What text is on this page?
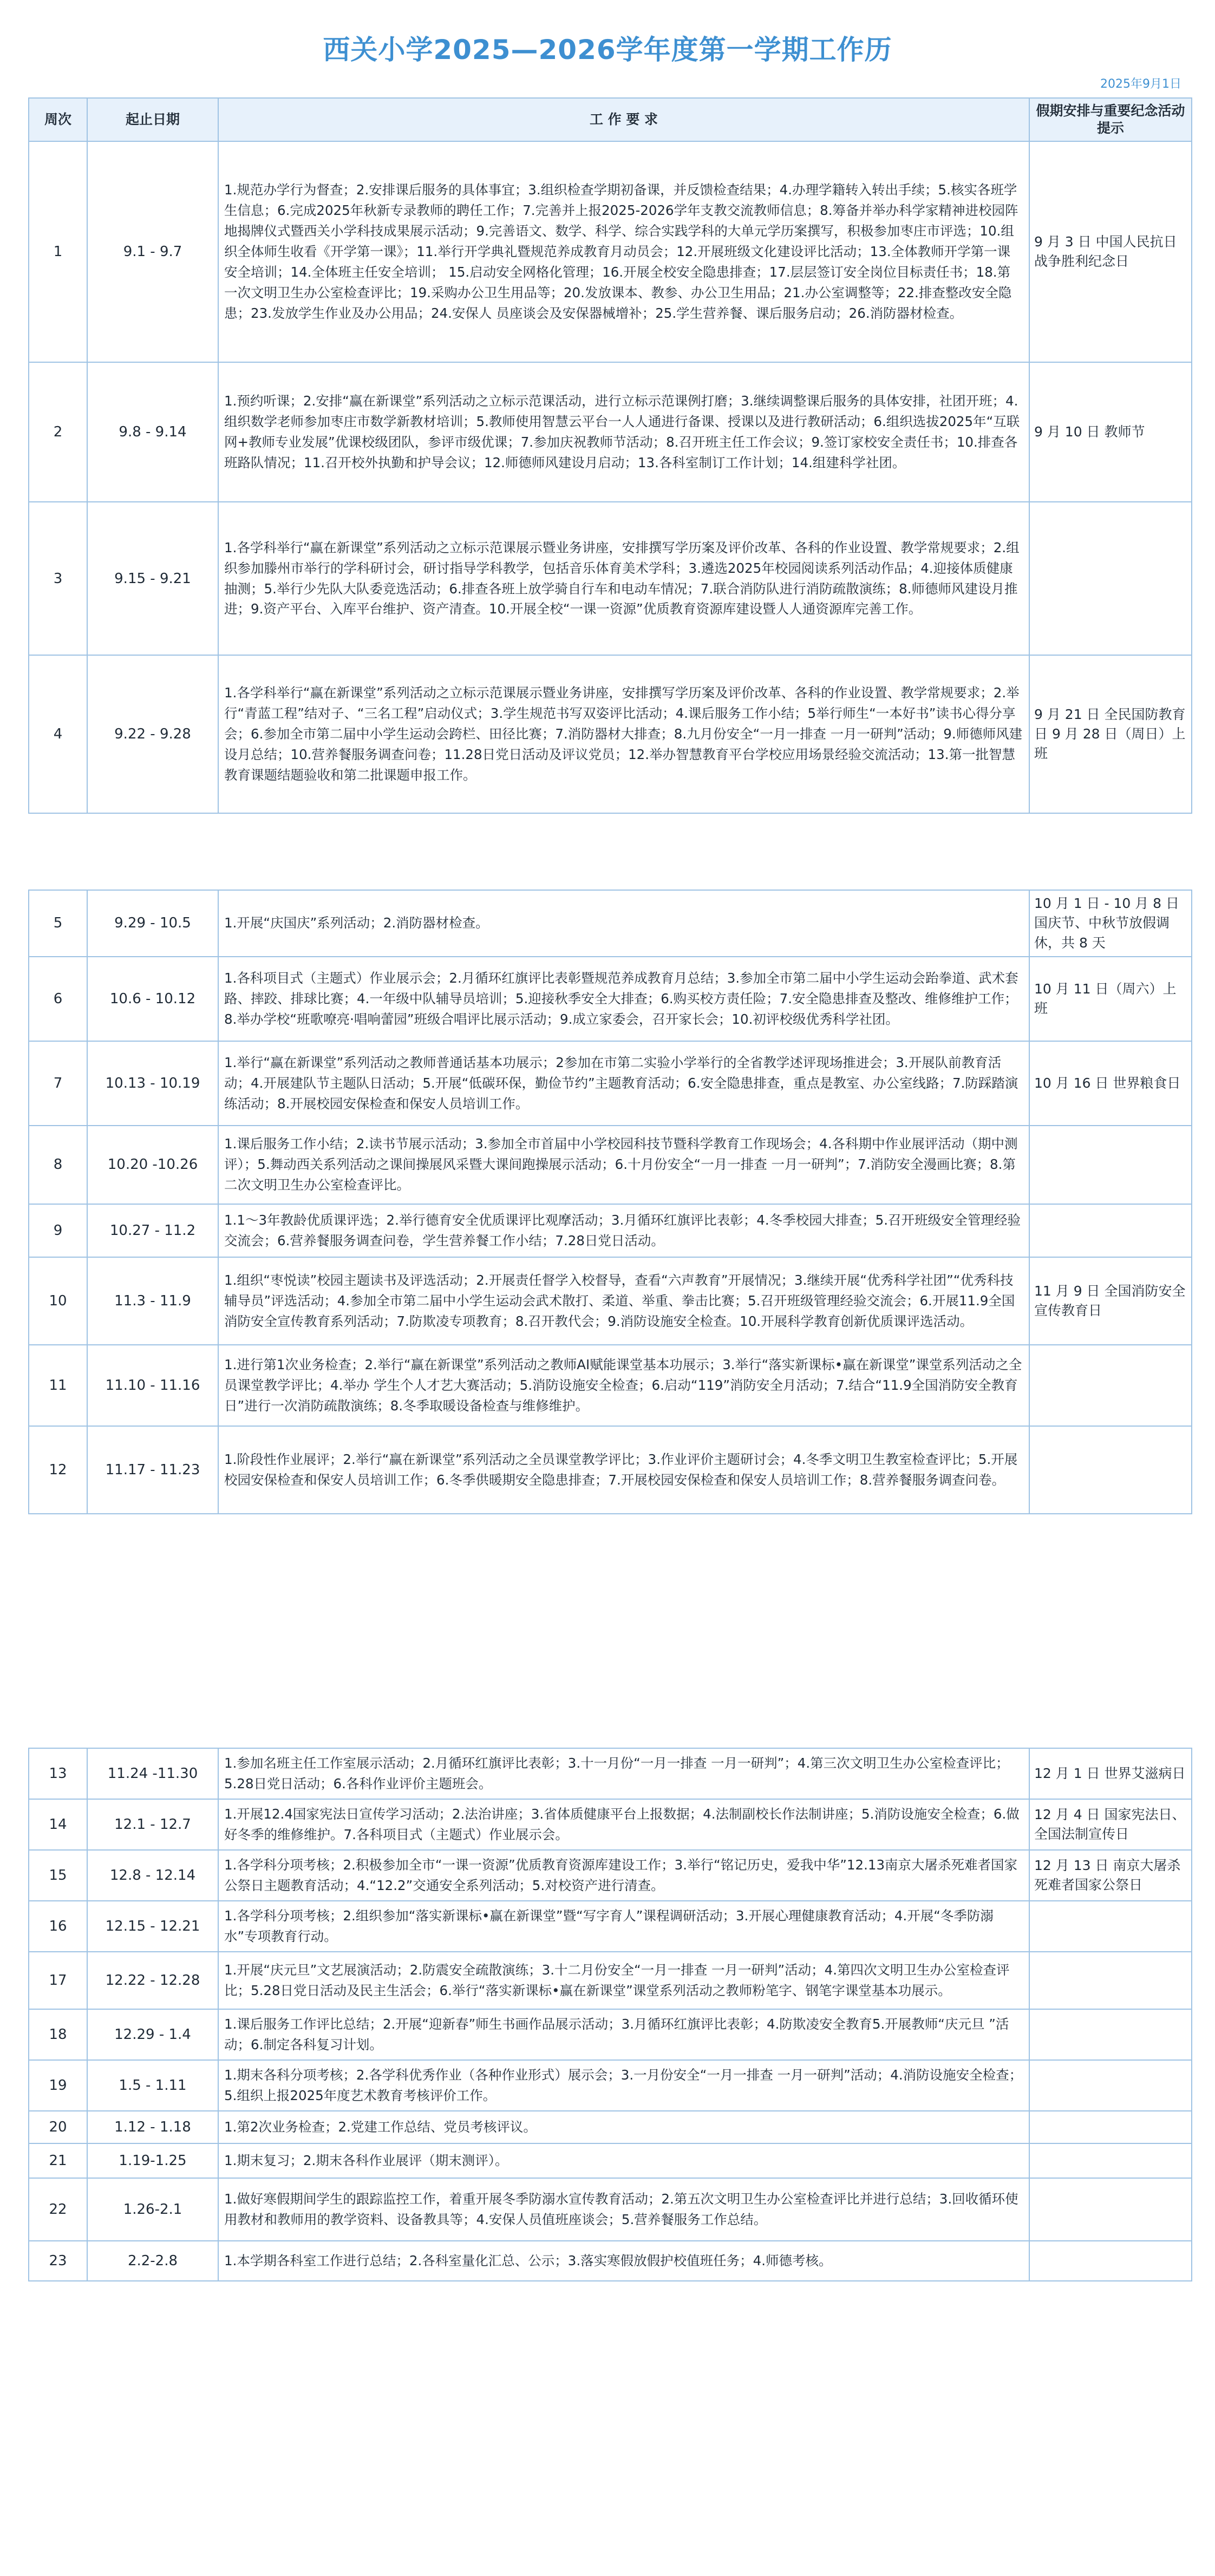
西关小学2025—2026学年度第一学期工作历
2025年9月1日
周次	起止日期	工 作 要 求	假期安排与重要纪念活动提示
1	9.1 - 9.7	1.规范办学行为督查；2.安排课后服务的具体事宜；3.组织检查学期初备课，并反馈检查结果；4.办理学籍转入转出手续；5.核实各班学生信息；6.完成2025年秋新专录教师的聘任工作；7.完善并上报2025-2026学年支教交流教师信息；8.筹备并举办科学家精神进校园阵地揭牌仪式暨西关小学科技成果展示活动；9.完善语文、数学、科学、综合实践学科的大单元学历案撰写，积极参加枣庄市评选；10.组织全体师生收看《开学第一课》；11.举行开学典礼暨规范养成教育月动员会；12.开展班级文化建设评比活动；13.全体教师开学第一课安全培训；14.全体班主任安全培训； 15.启动安全网格化管理；16.开展全校安全隐患排查；17.层层签订安全岗位目标责任书；18.第一次文明卫生办公室检查评比；19.采购办公卫生用品等；20.发放课本、教参、办公卫生用品；21.办公室调整等；22.排查整改安全隐患；23.发放学生作业及办公用品；24.安保人 员座谈会及安保器械增补；25.学生营养餐、课后服务启动；26.消防器材检查。	9 月 3 日 中国人民抗日战争胜利纪念日
2	9.8 - 9.14	1.预约听课；2.安排“赢在新课堂”系列活动之立标示范课活动，进行立标示范课例打磨；3.继续调整课后服务的具体安排，社团开班；4.组织数学老师参加枣庄市数学新教材培训；5.教师使用智慧云平台一人人通进行备课、授课以及进行教研活动；6.组织选拔2025年“互联网+教师专业发展”优课校级团队，参评市级优课；7.参加庆祝教师节活动；8.召开班主任工作会议；9.签订家校安全责任书；10.排查各班路队情况；11.召开校外执勤和护导会议；12.师德师风建设月启动；13.各科室制订工作计划；14.组建科学社团。	9 月 10 日 教师节
3	9.15 - 9.21	1.各学科举行“赢在新课堂”系列活动之立标示范课展示暨业务讲座，安排撰写学历案及评价改革、各科的作业设置、教学常规要求；2.组织参加滕州市举行的学科研讨会，研讨指导学科教学，包括音乐体育美术学科；3.遴选2025年校园阅读系列活动作品；4.迎接体质健康抽测；5.举行少先队大队委竞选活动；6.排查各班上放学骑自行车和电动车情况；7.联合消防队进行消防疏散演练；8.师德师风建设月推进；9.资产平台、入库平台维护、资产清查。10.开展全校“一课一资源”优质教育资源库建设暨人人通资源库完善工作。	
4	9.22 - 9.28	1.各学科举行“赢在新课堂”系列活动之立标示范课展示暨业务讲座，安排撰写学历案及评价改革、各科的作业设置、教学常规要求；2.举行“青蓝工程”结对子、“三名工程”启动仪式；3.学生规范书写双姿评比活动；4.课后服务工作小结；5举行师生“一本好书”读书心得分享会；6.参加全市第二届中小学生运动会跨栏、田径比赛；7.消防器材大排查；8.九月份安全“一月一排查 一月一研判”活动；9.师德师风建设月总结；10.营养餐服务调查问卷；11.28日党日活动及评议党员；12.举办智慧教育平台学校应用场景经验交流活动；13.第一批智慧教育课题结题验收和第二批课题申报工作。	9 月 21 日 全民国防教育日 9 月 28 日（周日）上班
5	9.29 - 10.5	1.开展“庆国庆”系列活动；2.消防器材检查。	10 月 1 日 - 10 月 8 日 国庆节、中秋节放假调休，共 8 天
6	10.6 - 10.12	1.各科项目式（主题式）作业展示会；2.月循环红旗评比表彰暨规范养成教育月总结；3.参加全市第二届中小学生运动会跆拳道、武术套路、摔跤、排球比赛；4.一年级中队辅导员培训；5.迎接秋季安全大排查；6.购买校方责任险；7.安全隐患排查及整改、维修维护工作；8.举办学校“班歌嘹亮·唱响蕾园”班级合唱评比展示活动；9.成立家委会，召开家长会；10.初评校级优秀科学社团。	10 月 11 日（周六）上班
7	10.13 - 10.19	1.举行“赢在新课堂”系列活动之教师普通话基本功展示；2参加在市第二实验小学举行的全省教学述评现场推进会；3.开展队前教育活动；4.开展建队节主题队日活动；5.开展“低碳环保，勤俭节约”主题教育活动；6.安全隐患排查，重点是教室、办公室线路；7.防踩踏演练活动；8.开展校园安保检查和保安人员培训工作。	10 月 16 日 世界粮食日
8	10.20 -10.26	1.课后服务工作小结；2.读书节展示活动；3.参加全市首届中小学校园科技节暨科学教育工作现场会；4.各科期中作业展评活动（期中测评）；5.舞动西关系列活动之课间操展风采暨大课间跑操展示活动；6.十月份安全“一月一排查 一月一研判”；7.消防安全漫画比赛；8.第二次文明卫生办公室检查评比。	
9	10.27 - 11.2	1.1～3年教龄优质课评选；2.举行德育安全优质课评比观摩活动；3.月循环红旗评比表彰；4.冬季校园大排查；5.召开班级安全管理经验交流会；6.营养餐服务调查问卷，学生营养餐工作小结；7.28日党日活动。	
10	11.3 - 11.9	1.组织“枣悦读”校园主题读书及评选活动；2.开展责任督学入校督导，查看“六声教育”开展情况；3.继续开展“优秀科学社团”“优秀科技辅导员”评选活动；4.参加全市第二届中小学生运动会武术散打、柔道、举重、拳击比赛；5.召开班级管理经验交流会；6.开展11.9全国消防安全宣传教育系列活动；7.防欺凌专项教育；8.召开教代会；9.消防设施安全检查。10.开展科学教育创新优质课评选活动。	11 月 9 日 全国消防安全宣传教育日
11	11.10 - 11.16	1.进行第1次业务检查；2.举行“赢在新课堂”系列活动之教师AI赋能课堂基本功展示；3.举行“落实新课标•赢在新课堂”课堂系列活动之全员课堂教学评比；4.举办 学生个人才艺大赛活动；5.消防设施安全检查；6.启动“119”消防安全月活动；7.结合“11.9全国消防安全教育日”进行一次消防疏散演练；8.冬季取暖设备检查与维修维护。	
12	11.17 - 11.23	1.阶段性作业展评；2.举行“赢在新课堂”系列活动之全员课堂教学评比；3.作业评价主题研讨会；4.冬季文明卫生教室检查评比；5.开展校园安保检查和保安人员培训工作；6.冬季供暖期安全隐患排查；7.开展校园安保检查和保安人员培训工作；8.营养餐服务调查问卷。	
13	11.24 -11.30	1.参加名班主任工作室展示活动；2.月循环红旗评比表彰；3.十一月份“一月一排查 一月一研判”；4.第三次文明卫生办公室检查评比；5.28日党日活动；6.各科作业评价主题班会。	12 月 1 日 世界艾滋病日
14	12.1 - 12.7	1.开展12.4国家宪法日宣传学习活动；2.法治讲座；3.省体质健康平台上报数据；4.法制副校长作法制讲座；5.消防设施安全检查；6.做好冬季的维修维护。7.各科项目式（主题式）作业展示会。	12 月 4 日 国家宪法日、全国法制宣传日
15	12.8 - 12.14	1.各学科分项考核；2.积极参加全市“一课一资源”优质教育资源库建设工作；3.举行“铭记历史，爱我中华”12.13南京大屠杀死难者国家公祭日主题教育活动；4.“12.2”交通安全系列活动；5.对校资产进行清查。	12 月 13 日 南京大屠杀死难者国家公祭日
16	12.15 - 12.21	1.各学科分项考核；2.组织参加“落实新课标•赢在新课堂”暨“写字育人”课程调研活动；3.开展心理健康教育活动；4.开展“冬季防溺水”专项教育行动。	
17	12.22 - 12.28	1.开展“庆元旦”文艺展演活动；2.防震安全疏散演练；3.十二月份安全“一月一排查 一月一研判”活动；4.第四次文明卫生办公室检查评比；5.28日党日活动及民主生活会；6.举行“落实新课标•赢在新课堂”课堂系列活动之教师粉笔字、钢笔字课堂基本功展示。	
18	12.29 - 1.4	1.课后服务工作评比总结；2.开展“迎新春”师生书画作品展示活动；3.月循环红旗评比表彰；4.防欺凌安全教育5.开展教师“庆元旦 ”活动；6.制定各科复习计划。	
19	1.5 - 1.11	1.期末各科分项考核；2.各学科优秀作业（各种作业形式）展示会；3.一月份安全“一月一排查 一月一研判”活动；4.消防设施安全检查；5.组织上报2025年度艺术教育考核评价工作。	
20	1.12 - 1.18	1.第2次业务检查；2.党建工作总结、党员考核评议。	
21	1.19-1.25	1.期末复习；2.期末各科作业展评（期末测评）。	
22	1.26-2.1	1.做好寒假期间学生的跟踪监控工作，着重开展冬季防溺水宣传教育活动；2.第五次文明卫生办公室检查评比并进行总结；3.回收循环使用教材和教师用的教学资料、设备教具等；4.安保人员值班座谈会；5.营养餐服务工作总结。	
23	2.2-2.8	1.本学期各科室工作进行总结；2.各科室量化汇总、公示；3.落实寒假放假护校值班任务；4.师德考核。	
